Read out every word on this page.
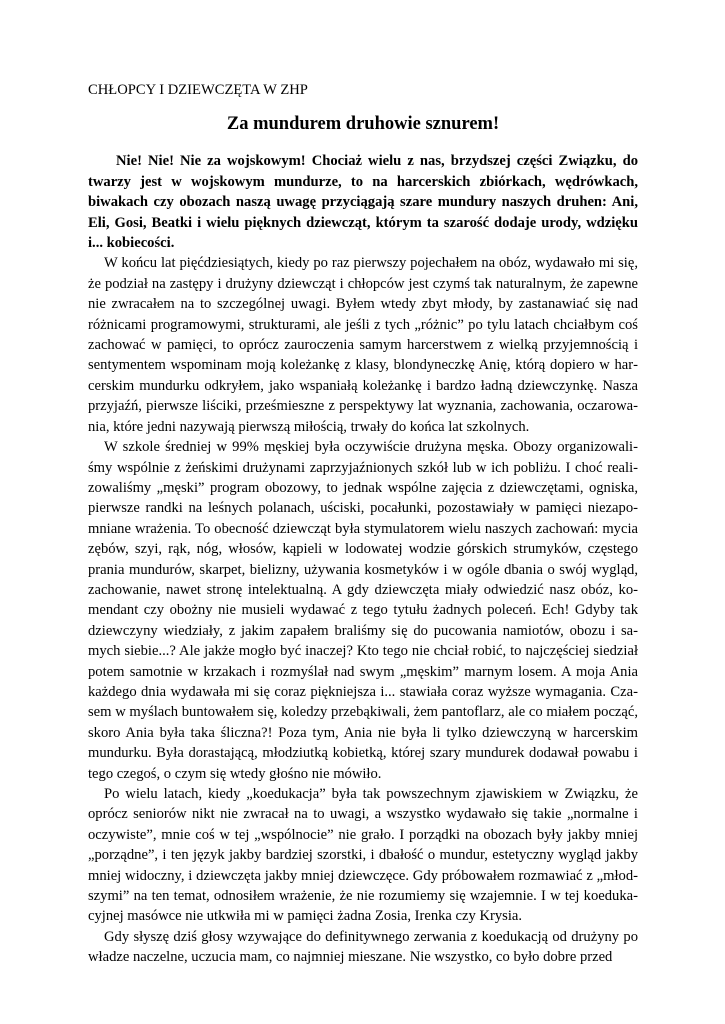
CHŁOPCY I DZIEWCZĘTA W ZHP

Za mundurem druhowie sznurem!

Nie! Nie! Nie za wojskowym! Chociaż wielu z nas, brzydszej części Związku, do twarzy jest w wojskowym mundurze, to na harcerskich zbiórkach, wędrówkach, biwakach czy obozach naszą uwagę przyciągają szare mundury naszych druhen: Ani, Eli, Gosi, Beatki i wielu pięknych dziewcząt, którym ta szarość dodaje urody, wdzięku i... kobiecości.

W końcu lat pięćdziesiątych, kiedy po raz pierwszy pojechałem na obóz, wydawało mi się, że podział na zastępy i drużyny dziewcząt i chłopców jest czymś tak naturalnym, że zapewne nie zwracałem na to szczególnej uwagi. Byłem wtedy zbyt młody, by zastanawiać się nad różnicami programowymi, strukturami, ale jeśli z tych „różnic” po tylu latach chciałbym coś zachować w pamięci, to oprócz zauroczenia samym harcerstwem z wielką przyjemnością i sentymentem wspominam moją koleżankę z klasy, blondyneczkę Anię, którą dopiero w harcerskim mundurku odkryłem, jako wspaniałą koleżankę i bardzo ładną dziewczynkę. Nasza przyjaźń, pierwsze liściki, prześmieszne z perspektywy lat wyznania, zachowania, oczarowania, które jedni nazywają pierwszą miłością, trwały do końca lat szkolnych.

W szkole średniej w 99% męskiej była oczywiście drużyna męska. Obozy organizowaliśmy wspólnie z żeńskimi drużynami zaprzyjaźnionych szkół lub w ich pobliżu. I choć realizowaliśmy „męski” program obozowy, to jednak wspólne zajęcia z dziewczętami, ogniska, pierwsze randki na leśnych polanach, uściski, pocałunki, pozostawiały w pamięci niezapomniane wrażenia. To obecność dziewcząt była stymulatorem wielu naszych zachowań: mycia zębów, szyi, rąk, nóg, włosów, kąpieli w lodowatej wodzie górskich strumyków, częstego prania mundurów, skarpet, bielizny, używania kosmetyków i w ogóle dbania o swój wygląd, zachowanie, nawet stronę intelektualną. A gdy dziewczęta miały odwiedzić nasz obóz, komendant czy obożny nie musieli wydawać z tego tytułu żadnych poleceń. Ech! Gdyby tak dziewczyny wiedziały, z jakim zapałem braliśmy się do pucowania namiotów, obozu i samych siebie...? Ale jakże mogło być inaczej? Kto tego nie chciał robić, to najczęściej siedział potem samotnie w krzakach i rozmyślał nad swym „męskim” marnym losem. A moja Ania każdego dnia wydawała mi się coraz piękniejsza i... stawiała coraz wyższe wymagania. Czasem w myślach buntowałem się, koledzy przebąkiwali, żem pantoflarz, ale co miałem począć, skoro Ania była taka śliczna?! Poza tym, Ania nie była li tylko dziewczyną w harcerskim mundurku. Była dorastającą, młodziutką kobietką, której szary mundurek dodawał powabu i tego czegoś, o czym się wtedy głośno nie mówiło.

Po wielu latach, kiedy „koedukacja” była tak powszechnym zjawiskiem w Związku, że oprócz seniorów nikt nie zwracał na to uwagi, a wszystko wydawało się takie „normalne i oczywiste”, mnie coś w tej „wspólnocie” nie grało. I porządki na obozach były jakby mniej „porządne”, i ten język jakby bardziej szorstki, i dbałość o mundur, estetyczny wygląd jakby mniej widoczny, i dziewczęta jakby mniej dziewczęce. Gdy próbowałem rozmawiać z „młodszymi” na ten temat, odnosiłem wrażenie, że nie rozumiemy się wzajemnie. I w tej koedukacyjnej masówce nie utkwiła mi w pamięci żadna Zosia, Irenka czy Krysia.

Gdy słyszę dziś głosy wzywające do definitywnego zerwania z koedukacją od drużyny po władze naczelne, uczucia mam, co najmniej mieszane. Nie wszystko, co było dobre przed
